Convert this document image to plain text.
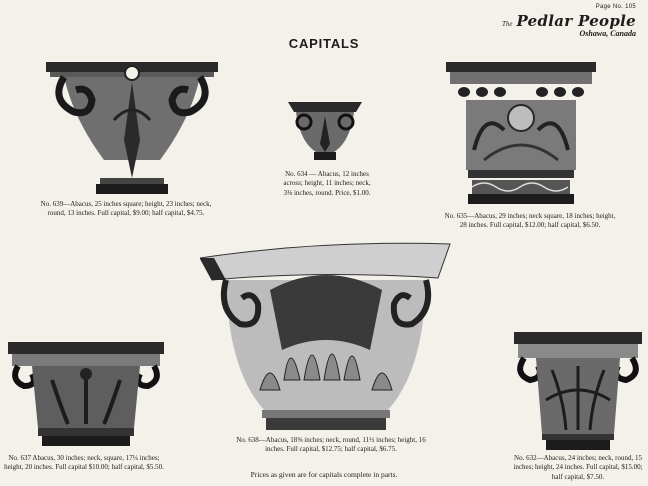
Page No. 105
The Pedlar People
Oshawa, Canada
CAPITALS
No. 639—Abacus, 25 inches square; height, 23 inches; neck, round, 13 inches. Full capital, $9.00; half capital, $4.75.
No. 634 — Abacus, 12 inches across; height, 11 inches; neck, 3⅜ inches, round. Price, $1.00.
No. 635—Abacus, 29 inches; neck square, 18 inches; height, 28 inches. Full capital, $12.00; half capital, $6.50.
No. 638—Abacus, 18⅝ inches; neck, round, 11½ inches; height, 16 inches. Full capital, $12.75; half capital, $6.75.
No. 637 Abacus, 30 inches; neck, square, 17¼ inches; height, 20 inches. Full capital $10.00; half capital, $5.50.
No. 632—Abacus, 24 inches; neck, round, 15 inches; height, 24 inches. Full capital, $15.00; half capital, $7.50.
Prices as given are for capitals complete in parts.
